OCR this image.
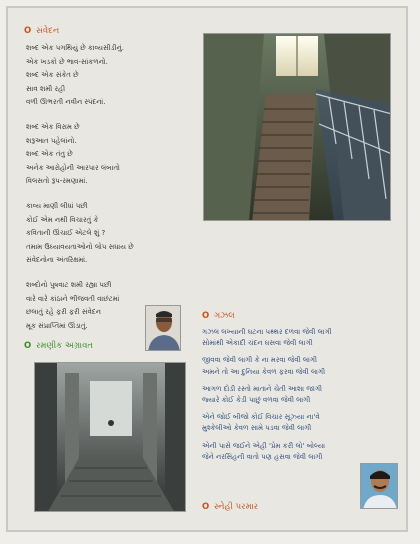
O સંવેદન

શબ્દ એક પગથિયું છે કાવ્યસીડીનું.
એક ખડકો છે ભાવ-સાંકળનો.
શબ્દ એક સંકેત છે
સાવ શમી રહી
વળી ઊભરતી નવીન સ્પંદનાં.

શબ્દ એક વિરામ છે
શરૂઆત પહેલાંનો.
શબ્દ એક તંતુ છે
અનેક આરોહોની આરપાર લંબાતો
વિલસતો રૂપ-રમણામાં.

કાવ્ય માણી લીધાં પછી
કોઈ એમ નથી વિચારતું કે
કવિતાની ઊંચાઈ એટલે શું ?
તમામ ઉઘ્યાવયતાઓનો લોપ સધાય છે
સંવેદનોના અંતરિક્ષમાં.

શબ્દોનો પુષવાટ શમી રહ્યા પછી
વારે વારે કાંઠાને ભીંજવતી વાછંટમાં
છલાતું રહે ફરી ફરી સંવેદન
મૂક સંપ્રાપ્તિમાં ઊંડાતું.

O રમણીક અગ્રાવત
O ગઝલ

ગઝલ લખ્યાની ઘટના પથ્થર દળવા જેવી લાગી
સોમાંથી એકાદી ચંદન ઘસવા જેવી લાગી

જીવવા જેવી લાગી કે ના મરવા જેવી લાગી
અમને તો આ દુનિયા કેવળ ફરવા જેવી લાગી

આગળ દોડી રસ્તો માતાને ચેતી આશા જાગી
જ્યારે કોઈ કેડી પાછું વળવા જેવી લાગી

એને જોઈ બીજો કોઈ વિચાર સૂઝ્યા ના'વે
મુશ્કેલીઓ કેવળ સામે પડવા જેવી લાગી

એની પાસે જઈને એહી 'પ્રેમ કરી લો' બોલ્યા
જેને નરસિંહની વાતો પણ હસવા જેવી લાગી

O સ્નેહી પરમાર
